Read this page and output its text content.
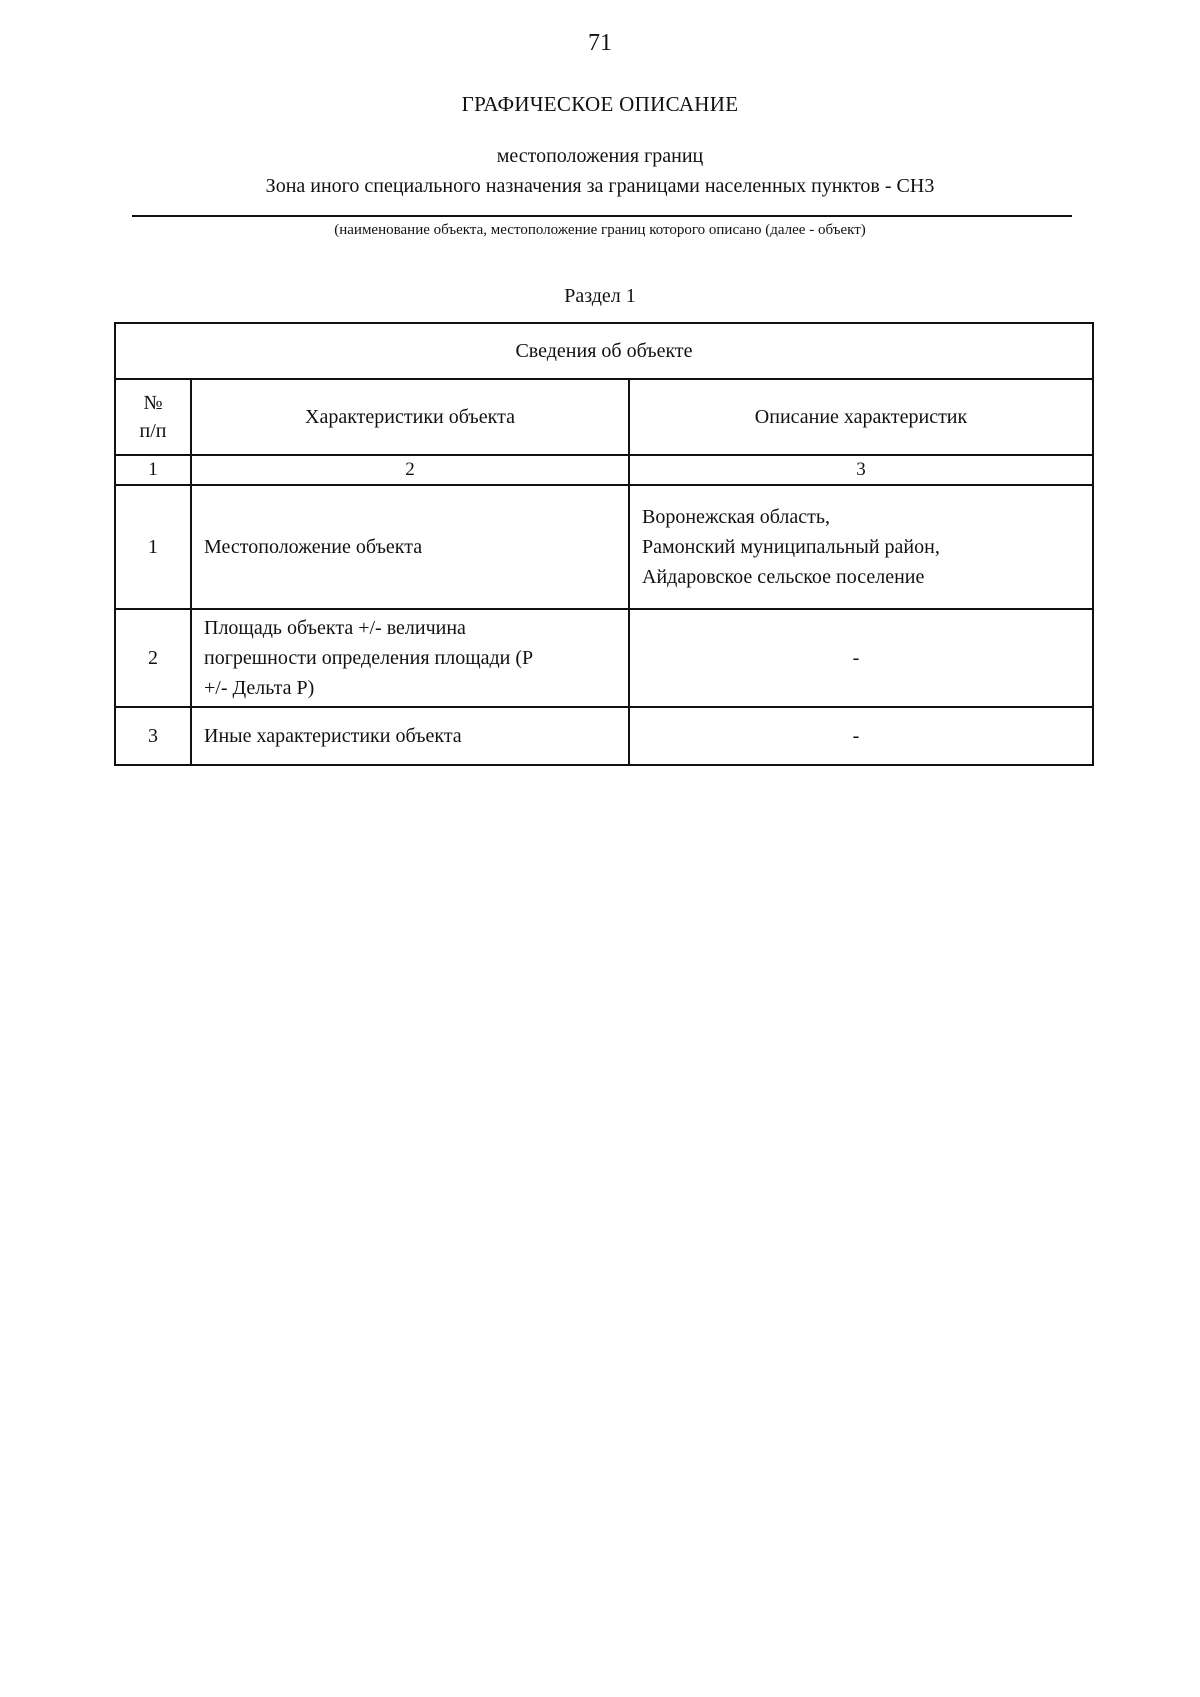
71
ГРАФИЧЕСКОЕ ОПИСАНИЕ
местоположения границ
Зона иного специального назначения за границами населенных пунктов - СН3
(наименование объекта, местоположение границ которого описано (далее - объект)
Раздел 1
Сведения об объекте		

№
п/п	Характеристики объекта	Описание характеристик
1	2	3
1	Местоположение объекта	Воронежская область,
Рамонский муниципальный район,
Айдаровское сельское поселение

2	Площадь объекта +/- величина
погрешности определения площади (Р
+/- Дельта Р)	-
3	Иные характеристики объекта	-
